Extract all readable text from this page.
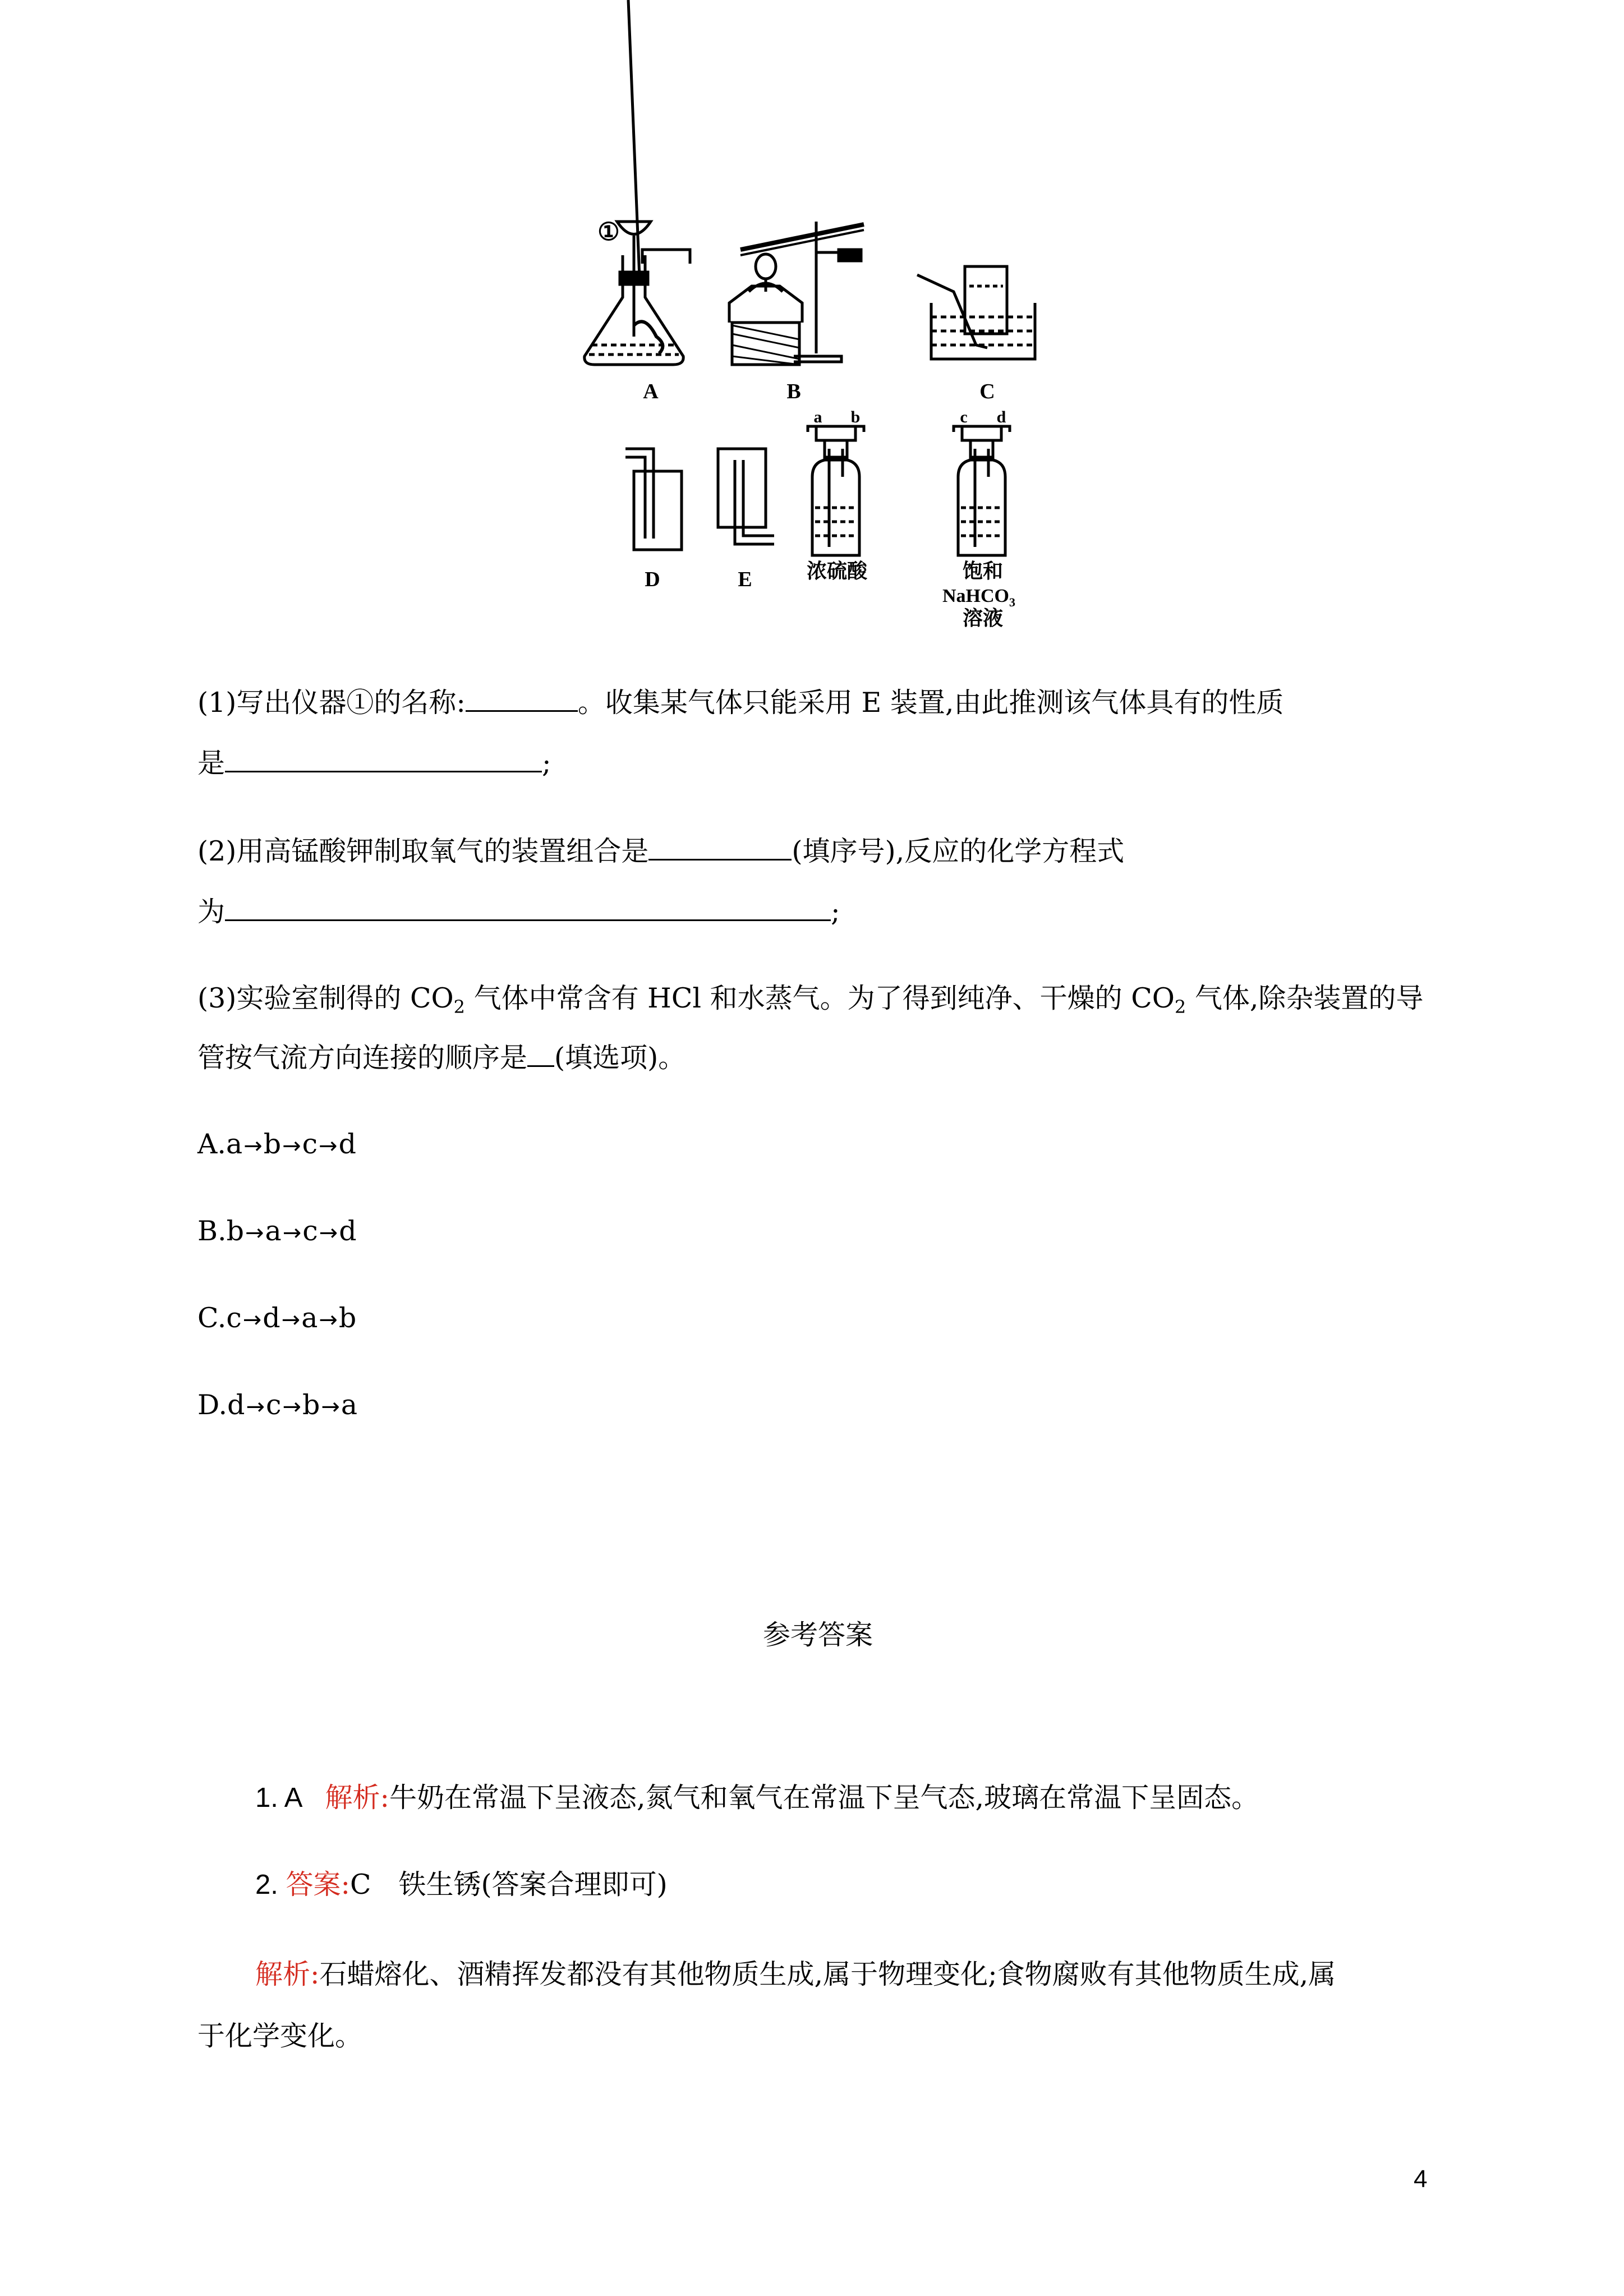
①
A	B	C
D	E
a b	c d
浓硫酸	饱和
NaHCO$_3$
溶液
(1)写出仪器①的名称:	。收集某气体只能采用 E 装置,由此推测该气体具有的性质
是	;
(2)用高锰酸钾制取氧气的装置组合是	(填序号),反应的化学方程式
为	;
(3)实验室制得的 $CO_2$ 气体中常含有 HCl 和水蒸气。为了得到纯净、干燥的 $CO_2$ 气体,除杂装置的导
管按气流方向连接的顺序是 (填选项)。
A.a→b→c→d
B.b→a→c→d
C.c→d→a→b
D.d→c→b→a
参考答案
1. A 解析:牛奶在常温下呈液态,氮气和氧气在常温下呈气态,玻璃在常温下呈固态。
2. 答案:C　铁生锈(答案合理即可)
解析:石蜡熔化、酒精挥发都没有其他物质生成,属于物理变化;食物腐败有其他物质生成,属
于化学变化。
4
